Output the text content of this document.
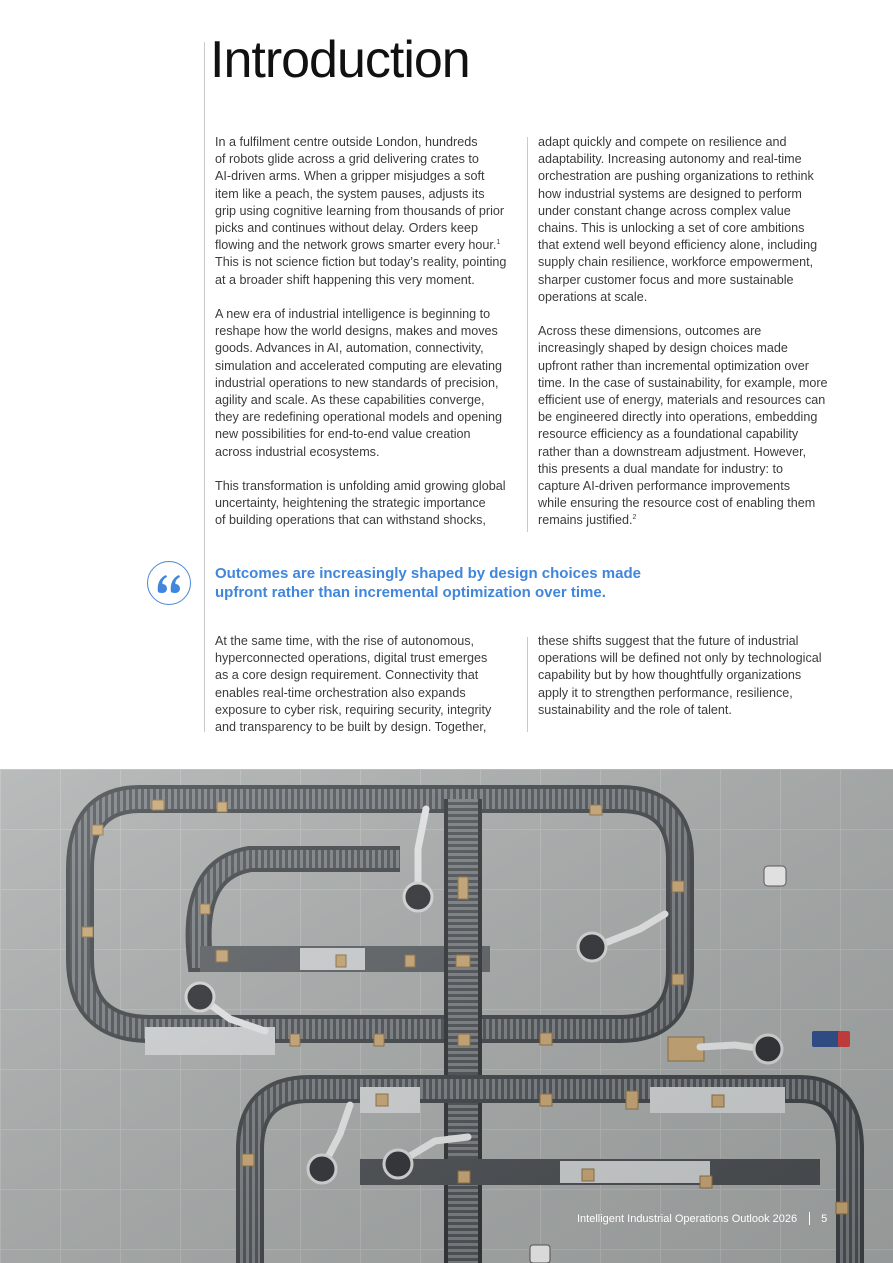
Introduction

In a fulfilment centre outside London, hundreds
of robots glide across a grid delivering crates to
AI-driven arms. When a gripper misjudges a soft
item like a peach, the system pauses, adjusts its
grip using cognitive learning from thousands of prior
picks and continues without delay. Orders keep
flowing and the network grows smarter every hour.$^1$
This is not science fiction but today’s reality, pointing
at a broader shift happening this very moment.

A new era of industrial intelligence is beginning to
reshape how the world designs, makes and moves
goods. Advances in AI, automation, connectivity,
simulation and accelerated computing are elevating
industrial operations to new standards of precision,
agility and scale. As these capabilities converge,
they are redefining operational models and opening
new possibilities for end-to-end value creation
across industrial ecosystems.

This transformation is unfolding amid growing global
uncertainty, heightening the strategic importance
of building operations that can withstand shocks,

adapt quickly and compete on resilience and
adaptability. Increasing autonomy and real-time
orchestration are pushing organizations to rethink
how industrial systems are designed to perform
under constant change across complex value
chains. This is unlocking a set of core ambitions
that extend well beyond efficiency alone, including
supply chain resilience, workforce empowerment,
sharper customer focus and more sustainable
operations at scale.

Across these dimensions, outcomes are
increasingly shaped by design choices made
upfront rather than incremental optimization over
time. In the case of sustainability, for example, more
efficient use of energy, materials and resources can
be engineered directly into operations, embedding
resource efficiency as a foundational capability
rather than a downstream adjustment. However,
this presents a dual mandate for industry: to
capture AI-driven performance improvements
while ensuring the resource cost of enabling them
remains justified.$^2$

Outcomes are increasingly shaped by design choices made
upfront rather than incremental optimization over time.

At the same time, with the rise of autonomous,
hyperconnected operations, digital trust emerges
as a core design requirement. Connectivity that
enables real-time orchestration also expands
exposure to cyber risk, requiring security, integrity
and transparency to be built by design. Together,

these shifts suggest that the future of industrial
operations will be defined not only by technological
capability but by how thoughtfully organizations
apply it to strengthen performance, resilience,
sustainability and the role of talent.

Intelligent Industrial Operations Outlook 2026 5
